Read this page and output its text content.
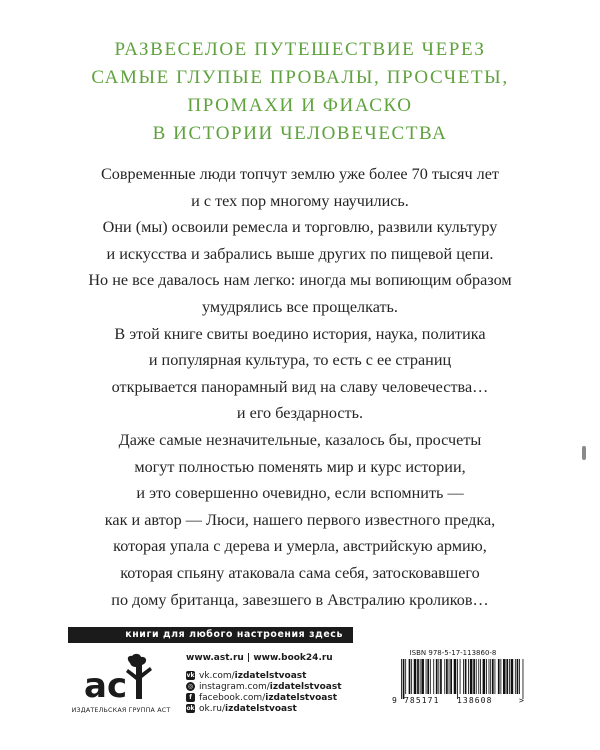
РАЗВЕСЕЛОЕ ПУТЕШЕСТВИЕ ЧЕРЕЗ
САМЫЕ ГЛУПЫЕ ПРОВАЛЫ, ПРОСЧЕТЫ,
ПРОМАХИ И ФИАСКО
В ИСТОРИИ ЧЕЛОВЕЧЕСТВА
Современные люди топчут землю уже более 70 тысяч лет
и с тех пор многому научились.
Они (мы) освоили ремесла и торговлю, развили культуру
и искусства и забрались выше других по пищевой цепи.
Но не все давалось нам легко: иногда мы вопиющим образом
умудрялись все прощелкать.
В этой книге свиты воедино история, наука, политика
и популярная культура, то есть с ее страниц
открывается панорамный вид на славу человечества…
и его бездарность.
Даже самые незначительные, казалось бы, просчеты
могут полностью поменять мир и курс истории,
и это совершенно очевидно, если вспомнить —
как и автор — Люси, нашего первого известного предка,
которая упала с дерева и умерла, австрийскую армию,
которая спьяну атаковала сама себя, затосковавшего
по дому британца, завезшего в Австралию кроликов…
книги для любого настроения здесь
ac
ИЗДАТЕЛЬСКАЯ ГРУППА АСТ
www.ast.ru | www.book24.ru
vk vk.com/ izdatelstvoast
◎ instagram.com/ izdatelstvoast
f facebook.com/ izdatelstvoast
ok ok.ru/ izdatelstvoast
ISBN 978-5-17-113860-8
9 785171 138608	>
